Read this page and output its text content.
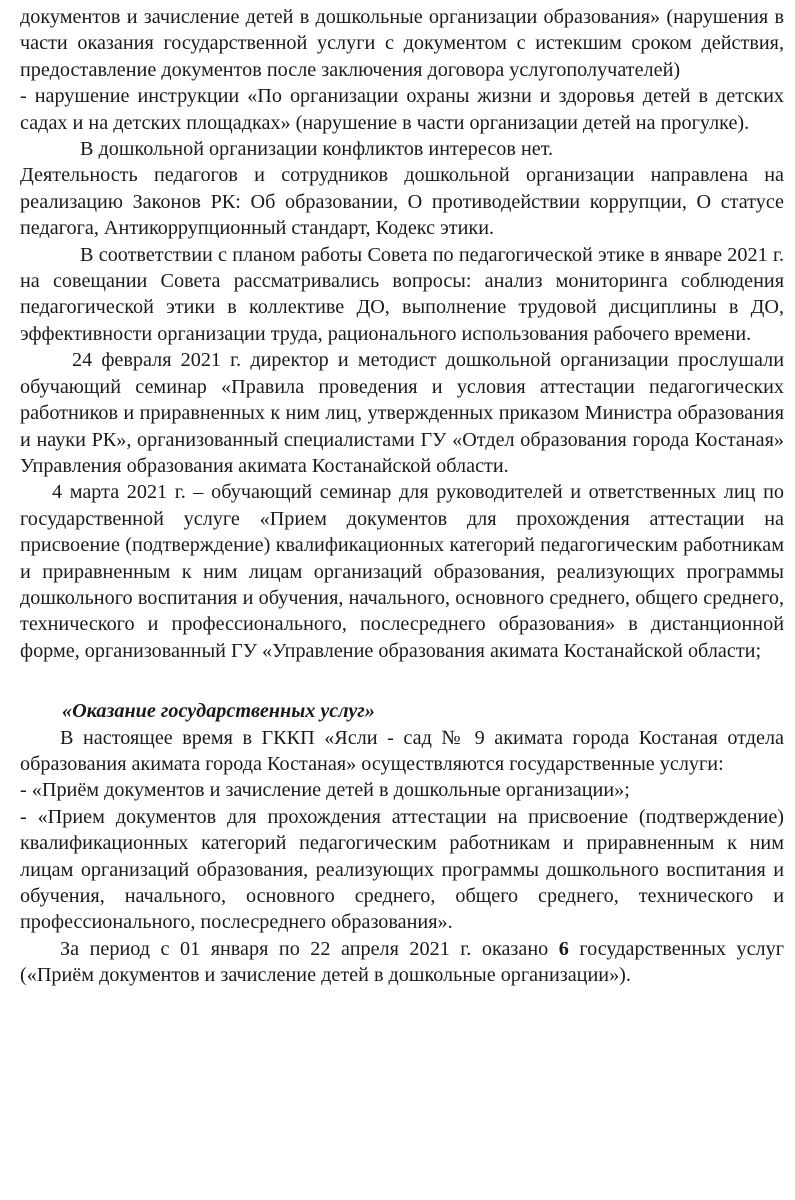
документов и зачисление детей в дошкольные организации образования» (нарушения в части оказания государственной услуги с документом с истекшим сроком действия, предоставление документов после заключения договора услугополучателей)

- нарушение инструкции «По организации охраны жизни и здоровья детей в детских садах и на детских площадках» (нарушение в части организации детей на прогулке).

В дошкольной организации конфликтов интересов нет.

Деятельность педагогов и сотрудников дошкольной организации направлена на реализацию Законов РК: Об образовании, О противодействии коррупции, О статусе педагога, Антикоррупционный стандарт, Кодекс этики.

В соответствии с планом работы Совета по педагогической этике в январе 2021 г. на совещании Совета рассматривались вопросы: анализ мониторинга соблюдения педагогической этики в коллективе ДО, выполнение трудовой дисциплины в ДО, эффективности организации труда, рационального использования рабочего времени.

24 февраля 2021 г. директор и методист дошкольной организации прослушали обучающий семинар «Правила проведения и условия аттестации педагогических работников и приравненных к ним лиц, утвержденных приказом Министра образования и науки РК», организованный специалистами ГУ «Отдел образования города Костаная» Управления образования акимата Костанайской области.

4 марта 2021 г. – обучающий семинар для руководителей и ответственных лиц по государственной услуге «Прием документов для прохождения аттестации на присвоение (подтверждение) квалификационных категорий педагогическим работникам и приравненным к ним лицам организаций образования, реализующих программы дошкольного воспитания и обучения, начального, основного среднего, общего среднего, технического и профессионального, послесреднего образования» в дистанционной форме, организованный ГУ «Управление образования акимата Костанайской области;

«Оказание государственных услуг»

В настоящее время в ГККП «Ясли - сад № 9 акимата города Костаная отдела образования акимата города Костаная» осуществляются государственные услуги:

- «Приём документов и зачисление детей в дошкольные организации»;

- «Прием документов для прохождения аттестации на присвоение (подтверждение) квалификационных категорий педагогическим работникам и приравненным к ним лицам организаций образования, реализующих программы дошкольного воспитания и обучения, начального, основного среднего, общего среднего, технического и профессионального, послесреднего образования».

За период с 01 января по 22 апреля 2021 г. оказано 6 государственных услуг («Приём документов и зачисление детей в дошкольные организации»).
